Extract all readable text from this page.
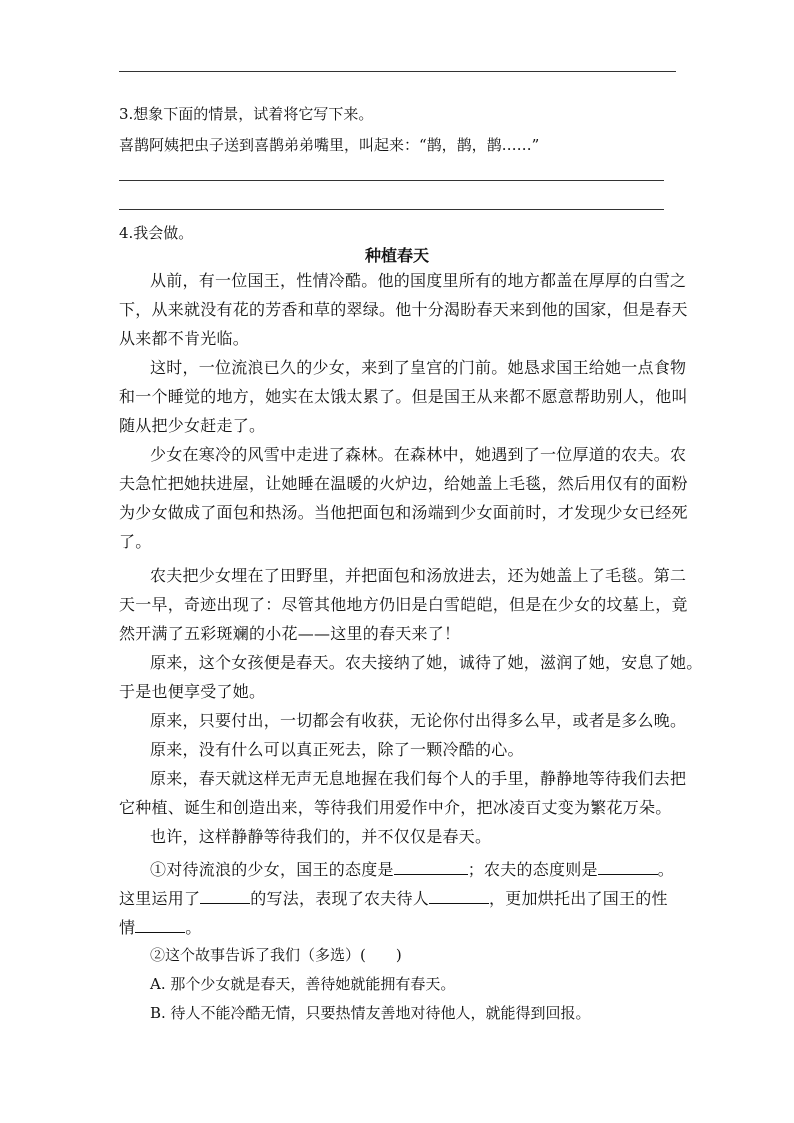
3.想象下面的情景，试着将它写下来。
喜鹊阿姨把虫子送到喜鹊弟弟嘴里，叫起来：“鹊，鹊，鹊……”
4.我会做。
种植春天
从前，有一位国王，性情冷酷。他的国度里所有的地方都盖在厚厚的白雪之
下，从来就没有花的芳香和草的翠绿。他十分渴盼春天来到他的国家，但是春天
从来都不肯光临。
这时，一位流浪已久的少女，来到了皇宫的门前。她恳求国王给她一点食物
和一个睡觉的地方，她实在太饿太累了。但是国王从来都不愿意帮助别人，他叫
随从把少女赶走了。
少女在寒冷的风雪中走进了森林。在森林中，她遇到了一位厚道的农夫。农
夫急忙把她扶进屋，让她睡在温暖的火炉边，给她盖上毛毯，然后用仅有的面粉
为少女做成了面包和热汤。当他把面包和汤端到少女面前时，才发现少女已经死
了。
农夫把少女埋在了田野里，并把面包和汤放进去，还为她盖上了毛毯。第二
天一早，奇迹出现了：尽管其他地方仍旧是白雪皑皑，但是在少女的坟墓上，竟
然开满了五彩斑斓的小花——这里的春天来了！
原来，这个女孩便是春天。农夫接纳了她，诚待了她，滋润了她，安息了她。
于是也便享受了她。
原来，只要付出，一切都会有收获，无论你付出得多么早，或者是多么晚。
原来，没有什么可以真正死去，除了一颗冷酷的心。
原来，春天就这样无声无息地握在我们每个人的手里，静静地等待我们去把
它种植、诞生和创造出来，等待我们用爱作中介，把冰凌百丈变为繁花万朵。
也许，这样静静等待我们的，并不仅仅是春天。
①对待流浪的少女，国王的态度是	；农夫的态度则是	。
这里运用了	的写法，表现了农夫待人	，更加烘托出了国王的性
情	。
②这个故事告诉了我们（多选）(　　)
A. 那个少女就是春天，善待她就能拥有春天。
B. 待人不能冷酷无情，只要热情友善地对待他人，就能得到回报。
